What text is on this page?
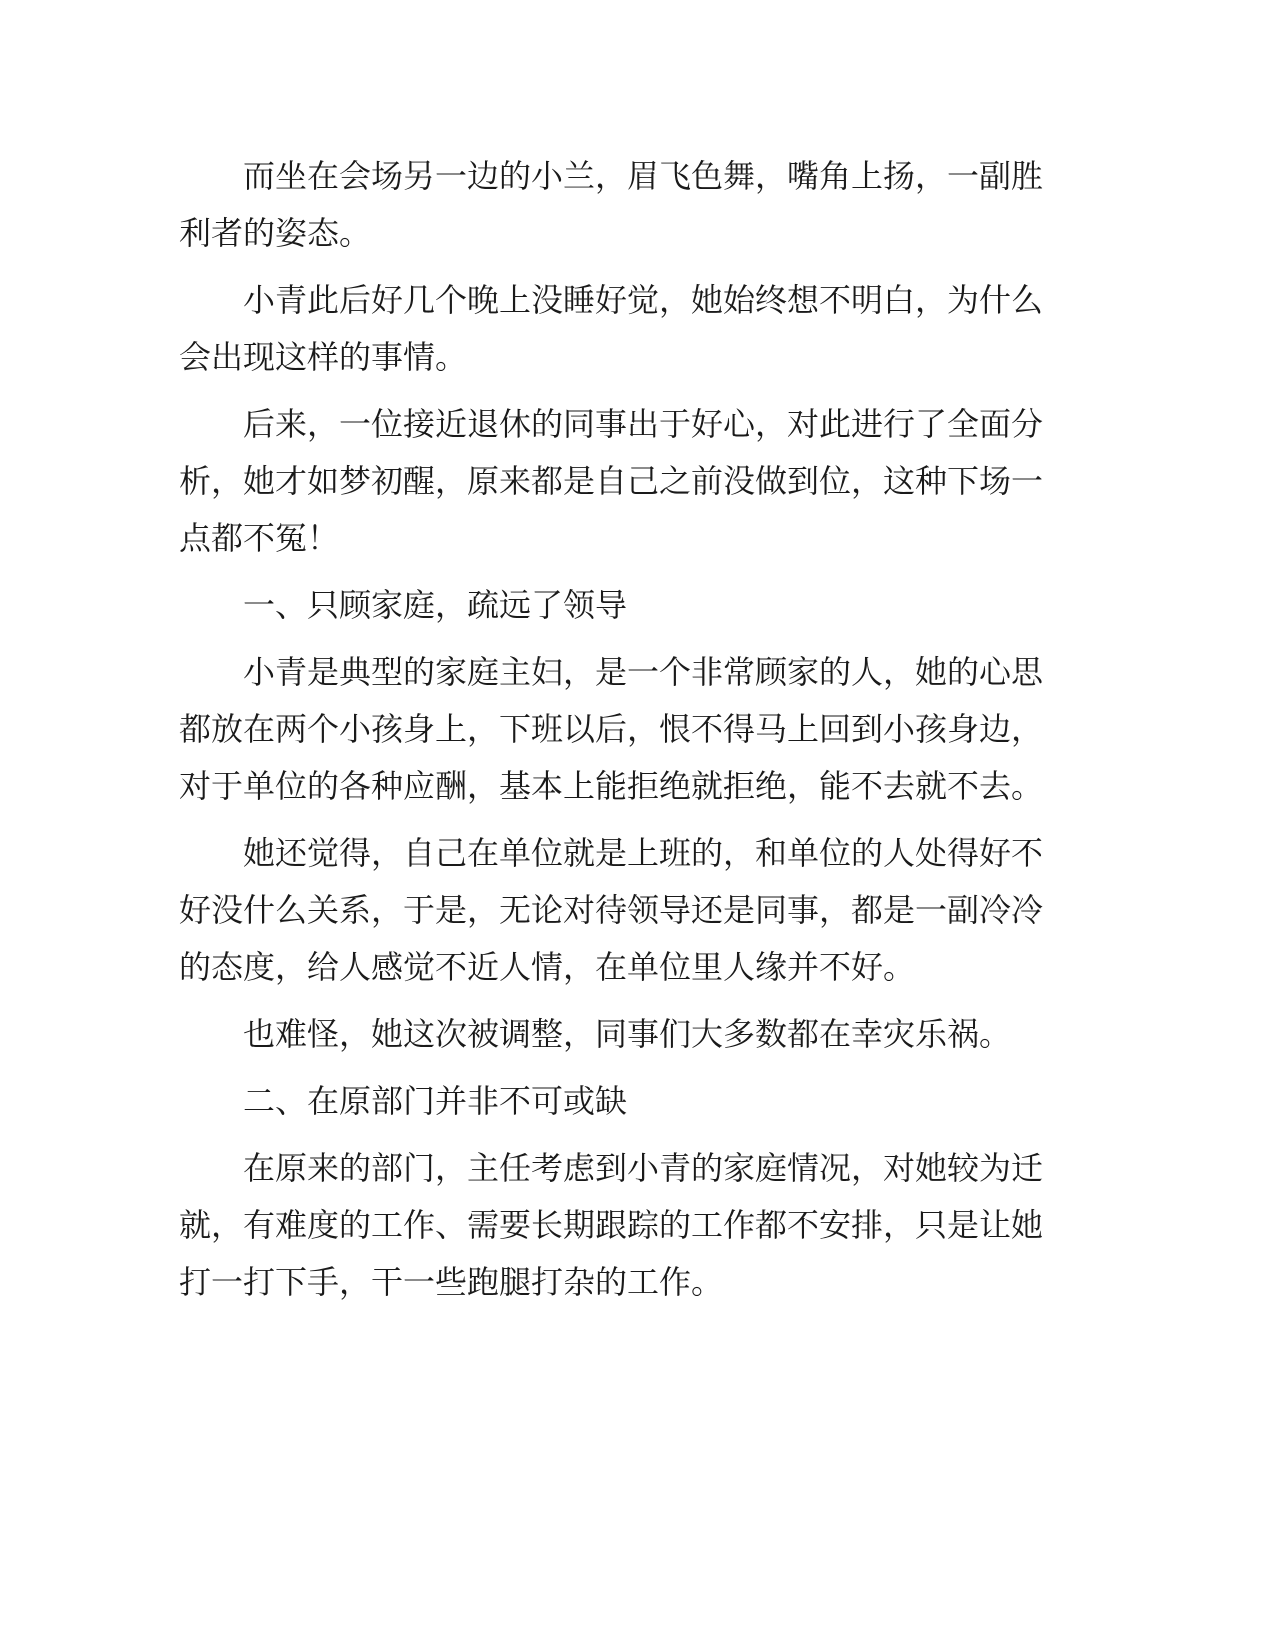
而坐在会场另一边的小兰，眉飞色舞，嘴角上扬，一副胜利者的姿态。

小青此后好几个晚上没睡好觉，她始终想不明白，为什么会出现这样的事情。

后来，一位接近退休的同事出于好心，对此进行了全面分析，她才如梦初醒，原来都是自己之前没做到位，这种下场一点都不冤！

一、只顾家庭，疏远了领导

小青是典型的家庭主妇，是一个非常顾家的人，她的心思都放在两个小孩身上，下班以后，恨不得马上回到小孩身边，对于单位的各种应酬，基本上能拒绝就拒绝，能不去就不去。

她还觉得，自己在单位就是上班的，和单位的人处得好不好没什么关系，于是，无论对待领导还是同事，都是一副冷冷的态度，给人感觉不近人情，在单位里人缘并不好。

也难怪，她这次被调整，同事们大多数都在幸灾乐祸。

二、在原部门并非不可或缺

在原来的部门，主任考虑到小青的家庭情况，对她较为迁就，有难度的工作、需要长期跟踪的工作都不安排，只是让她打一打下手，干一些跑腿打杂的工作。
